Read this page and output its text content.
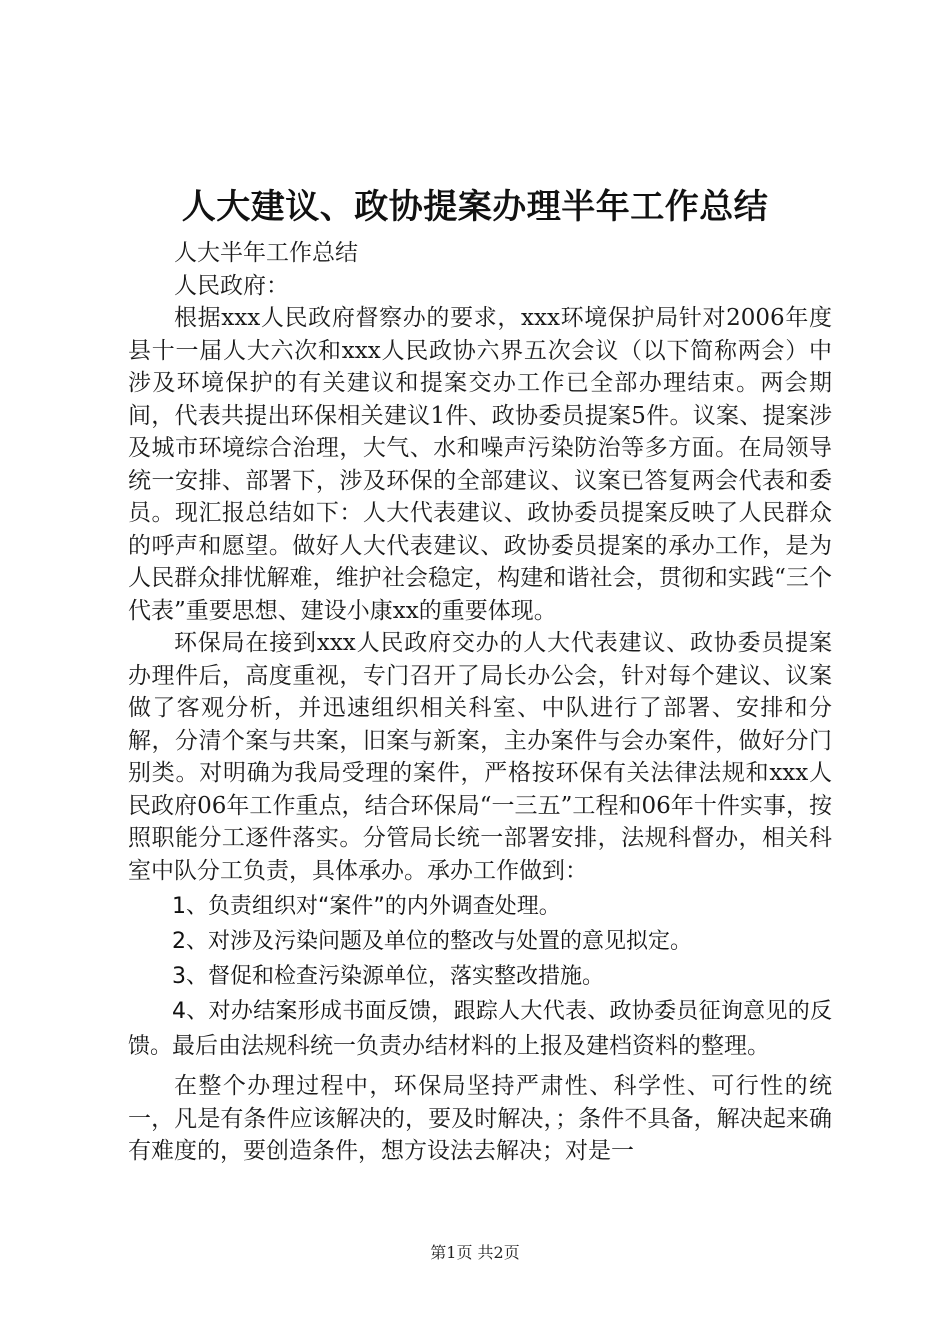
人大建议、政协提案办理半年工作总结

人大半年工作总结

人民政府：

根据xxx人民政府督察办的要求，xxx环境保护局针对2006年度县十一届人大六次和xxx人民政协六界五次会议（以下简称两会）中涉及环境保护的有关建议和提案交办工作已全部办理结束。两会期间，代表共提出环保相关建议1件、政协委员提案5件。议案、提案涉及城市环境综合治理，大气、水和噪声污染防治等多方面。在局领导统一安排、部署下，涉及环保的全部建议、议案已答复两会代表和委员。现汇报总结如下：人大代表建议、政协委员提案反映了人民群众的呼声和愿望。做好人大代表建议、政协委员提案的承办工作，是为人民群众排忧解难，维护社会稳定，构建和谐社会，贯彻和实践“三个代表”重要思想、建设小康xx的重要体现。

环保局在接到xxx人民政府交办的人大代表建议、政协委员提案办理件后，高度重视，专门召开了局长办公会，针对每个建议、议案做了客观分析，并迅速组织相关科室、中队进行了部署、安排和分解，分清个案与共案，旧案与新案，主办案件与会办案件，做好分门别类。对明确为我局受理的案件，严格按环保有关法律法规和xxx人民政府06年工作重点，结合环保局“一三五”工程和06年十件实事，按照职能分工逐件落实。分管局长统一部署安排，法规科督办，相关科室中队分工负责，具体承办。承办工作做到：

1、负责组织对“案件”的内外调查处理。

2、对涉及污染问题及单位的整改与处置的意见拟定。

3、督促和检查污染源单位，落实整改措施。

4、对办结案形成书面反馈，跟踪人大代表、政协委员征询意见的反馈。最后由法规科统一负责办结材料的上报及建档资料的整理。

在整个办理过程中，环保局坚持严肃性、科学性、可行性的统一，凡是有条件应该解决的，要及时解决，；条件不具备，解决起来确有难度的，要创造条件，想方设法去解决；对是一

第1页 共2页
